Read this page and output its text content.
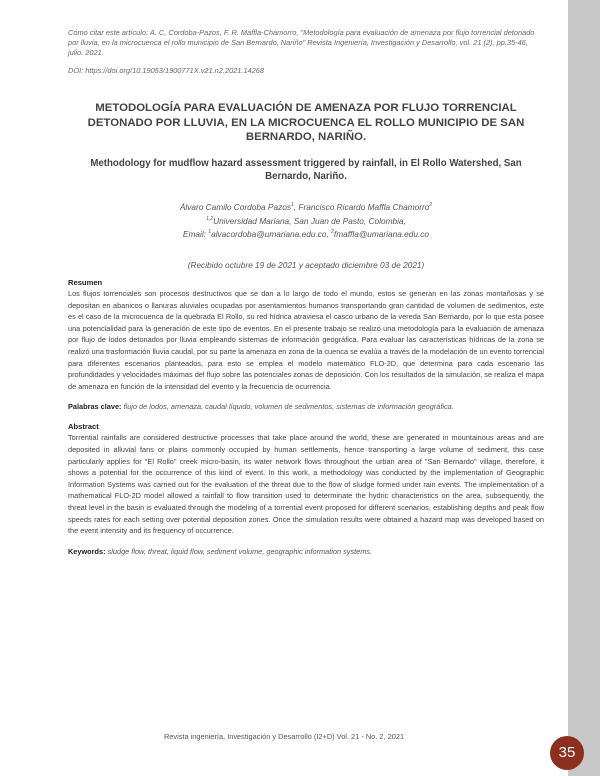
Cómo citar este artículo: A. C, Cordoba-Pazos, F. R. Maffla-Chamorro, "Metodología para evaluación de amenaza por flujo torrencial detonado por lluvia, en la microcuenca el rollo municipio de San Bernardo, Nariño" Revista Ingeniería, Investigación y Desarrollo, vol. 21 (2), pp.35-46, julio. 2021.

DOI: https://doi.org/10.19053/1900771X.v21.n2.2021.14268

METODOLOGÍA PARA EVALUACIÓN DE AMENAZA POR FLUJO TORRENCIAL DETONADO POR LLUVIA, EN LA MICROCUENCA EL ROLLO MUNICIPIO DE SAN BERNARDO, NARIÑO.
Methodology for mudflow hazard assessment triggered by rainfall, in El Rollo Watershed, San Bernardo, Nariño.
Álvaro Camilo Cordoba Pazos$^1$, Francisco Ricardo Maffla Chamorro$^2$
$^{1,2}$Universidad Mariana, San Juan de Pasto, Colombia,
Email: $^1$alvacordoba@umariana.edu.co, $^2$fmaffla@umariana.edu.co
(Recibido octubre 19 de 2021 y aceptado diciembre 03 de 2021)
Resumen

Los flujos torrenciales son procesos destructivos que se dan a lo largo de todo el mundo, estos se generan en las zonas montañosas y se depositan en abanicos o llanuras aluviales ocupadas por asentamientos humanos transportando gran cantidad de volumen de sedimentos, este es el caso de la microcuenca de la quebrada El Rollo, su red hídrica atraviesa el casco urbano de la vereda San Bernardo, por lo que esta posee una potencialidad para la generación de este tipo de eventos. En el presente trabajo se realizó una metodología para la evaluación de amenaza por flujo de lodos detonados por lluvia empleando sistemas de información geográfica. Para evaluar las características hídricas de la zona se realizó una trasformación lluvia caudal, por su parte la amenaza en zona de la cuenca se evalúa a través de la modelación de un evento torrencial para diferentes escenarios planteados, para esto se emplea el modelo matemático FLO-2D, que determina para cada escenario las profundidades y velocidades máximas del flujo sobre las potenciales zonas de deposición. Con los resultados de la simulación, se realiza el mapa de amenaza en función de la intensidad del evento y la frecuencia de ocurrencia.

Palabras clave: flujo de lodos, amenaza, caudal líquido, volumen de sedimentos, sistemas de información geográfica.
Abstract

Torrential rainfalls are considered destructive processes that take place around the world, these are generated in mountainous areas and are deposited in alluvial fans or plains commonly occupied by human settlements, hence transporting a large volume of sediment, this case particularly applies for "El Rollo" creek micro-basin, its water network flows throughout the urban area of "San Bernardo" village, therefore, it shows a potential for the occurrence of this kind of event. In this work, a methodology was conducted by the implementation of Geographic Information Systems was carried out for the evaluation of the threat due to the flow of sludge formed under rain events. The implementation of a mathematical FLO-2D model allowed a rainfall to flow transition used to determinate the hydric characteristics on the area, subsequently, the threat level in the basin is evaluated through the modeling of a torrential event proposed for different scenarios, establishing depths and peak flow speeds rates for each setting over potential deposition zones. Once the simulation results were obtained a hazard map was developed based on the event intensity and its frequency of occurrence.

Keywords: sludge flow, threat, liquid flow, sediment volume, geographic information systems.
Revista ingeniería, Investigación y Desarrollo (I2+D) Vol. 21 - No. 2, 2021
35
